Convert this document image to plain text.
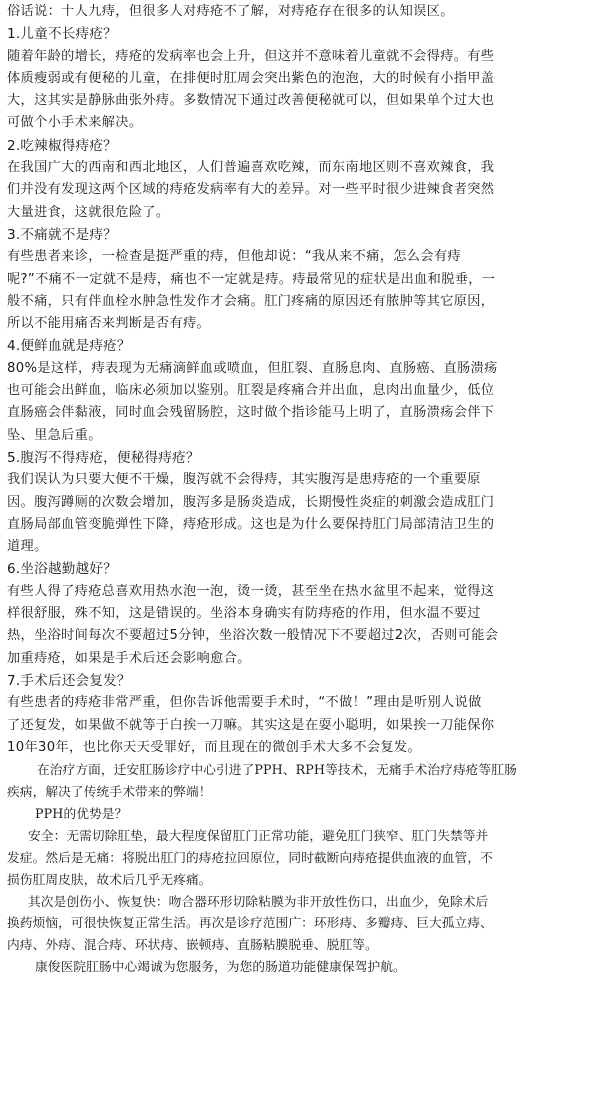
俗话说：十人九痔，但很多人对痔疮不了解，对痔疮存在很多的认知误区。
1.儿童不长痔疮？
随着年龄的增长，痔疮的发病率也会上升，但这并不意味着儿童就不会得痔。有些
体质瘦弱或有便秘的儿童，在排便时肛周会突出紫色的泡泡，大的时候有小指甲盖
大，这其实是静脉曲张外痔。多数情况下通过改善便秘就可以，但如果单个过大也
可做个小手术来解决。
2.吃辣椒得痔疮？
在我国广大的西南和西北地区，人们普遍喜欢吃辣，而东南地区则不喜欢辣食，我
们并没有发现这两个区域的痔疮发病率有大的差异。对一些平时很少进辣食者突然
大量进食，这就很危险了。
3.不痛就不是痔？
有些患者来诊，一检查是挺严重的痔，但他却说：“我从来不痛，怎么会有痔
呢?”不痛不一定就不是痔，痛也不一定就是痔。痔最常见的症状是出血和脱垂，一
般不痛，只有伴血栓水肿急性发作才会痛。肛门疼痛的原因还有脓肿等其它原因，
所以不能用痛否来判断是否有痔。
4.便鲜血就是痔疮？
80%是这样，痔表现为无痛滴鲜血或喷血，但肛裂、直肠息肉、直肠癌、直肠溃疡
也可能会出鲜血，临床必须加以鉴别。肛裂是疼痛合并出血，息肉出血量少，低位
直肠癌会伴黏液，同时血会残留肠腔，这时做个指诊能马上明了，直肠溃疡会伴下
坠、里急后重。
5.腹泻不得痔疮，便秘得痔疮？
我们误认为只要大便不干燥，腹泻就不会得痔，其实腹泻是患痔疮的一个重要原
因。腹泻蹲厕的次数会增加，腹泻多是肠炎造成，长期慢性炎症的刺激会造成肛门
直肠局部血管变脆弹性下降，痔疮形成。这也是为什么要保持肛门局部清洁卫生的
道理。
6.坐浴越勤越好？
有些人得了痔疮总喜欢用热水泡一泡，烫一烫，甚至坐在热水盆里不起来，觉得这
样很舒服，殊不知，这是错误的。坐浴本身确实有防痔疮的作用，但水温不要过
热，坐浴时间每次不要超过5分钟，坐浴次数一般情况下不要超过2次，否则可能会
加重痔疮，如果是手术后还会影响愈合。
7.手术后还会复发？
有些患者的痔疮非常严重，但你告诉他需要手术时，“不做！”理由是听别人说做
了还复发，如果做不就等于白挨一刀嘛。其实这是在耍小聪明，如果挨一刀能保你
10年30年，也比你天天受罪好，而且现在的微创手术大多不会复发。
在治疗方面，迁安肛肠诊疗中心引进了PPH、RPH等技术，无痛手术治疗痔疮等肛肠
疾病，解决了传统手术带来的弊端！
PPH的优势是？
安全：无需切除肛垫，最大程度保留肛门正常功能，避免肛门狭窄、肛门失禁等并
发症。然后是无痛：将脱出肛门的痔疮拉回原位，同时截断向痔疮提供血液的血管，不
损伤肛周皮肤，故术后几乎无疼痛。
其次是创伤小、恢复快：吻合器环形切除粘膜为非开放性伤口，出血少，免除术后
换药烦恼，可很快恢复正常生活。再次是诊疗范围广：环形痔、多瓣痔、巨大孤立痔、
内痔、外痔、混合痔、环状痔、嵌顿痔、直肠粘膜脱垂、脱肛等。
康俊医院肛肠中心竭诚为您服务，为您的肠道功能健康保驾护航。
